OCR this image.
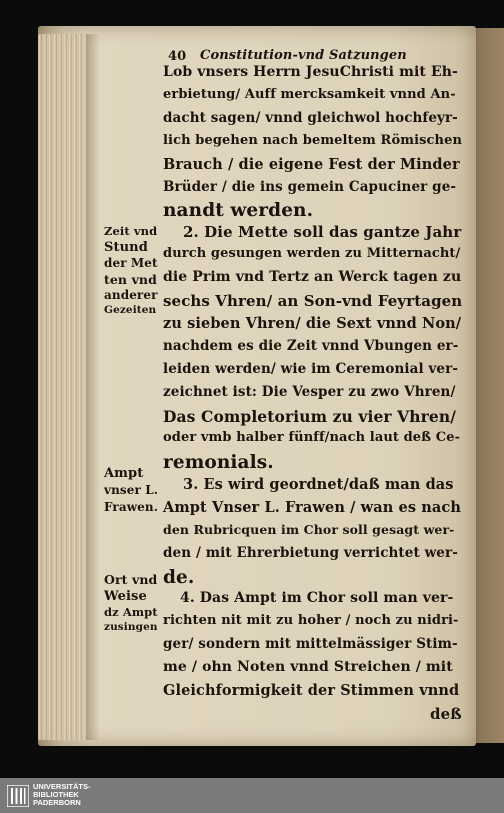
40 Constitution-vnd Satzungen
Lob vnsers Herrn JesuChristi mit Eh-
erbietung/ Auff mercksamkeit vnnd An-
dacht sagen/ vnnd gleichwol hochfeyr-
lich begehen nach bemeltem Römischen
Brauch / die eigene Fest der Minder
Brüder / die ins gemein Capuciner ge-
nandt werden.
2. Die Mette soll das gantze Jahr
durch gesungen werden zu Mitternacht/
die Prim vnd Tertz an Werck tagen zu
sechs Vhren/ an Son-vnd Feyrtagen
zu sieben Vhren/ die Sext vnnd Non/
nachdem es die Zeit vnnd Vbungen er-
leiden werden/ wie im Ceremonial ver-
zeichnet ist: Die Vesper zu zwo Vhren/
Das Completorium zu vier Vhren/
oder vmb halber fünff/nach laut deß Ce-
remonials.
3. Es wird geordnet/daß man das
Ampt Vnser L. Frawen / wan es nach
den Rubricquen im Chor soll gesagt wer-
den / mit Ehrerbietung verrichtet wer-
de.
4. Das Ampt im Chor soll man ver-
richten nit mit zu hoher / noch zu nidri-
ger/ sondern mit mittelmässiger Stim-
me / ohn Noten vnnd Streichen / mit
Gleichformigkeit der Stimmen vnnd
deß
Zeit vnd
Stund
der Met
ten vnd
anderer
Gezeiten
Ampt
vnser L.
Frawen.
Ort vnd
Weise
dz Ampt
zusingen
UNIVERSITÄTS-
BIBLIOTHEK
PADERBORN
